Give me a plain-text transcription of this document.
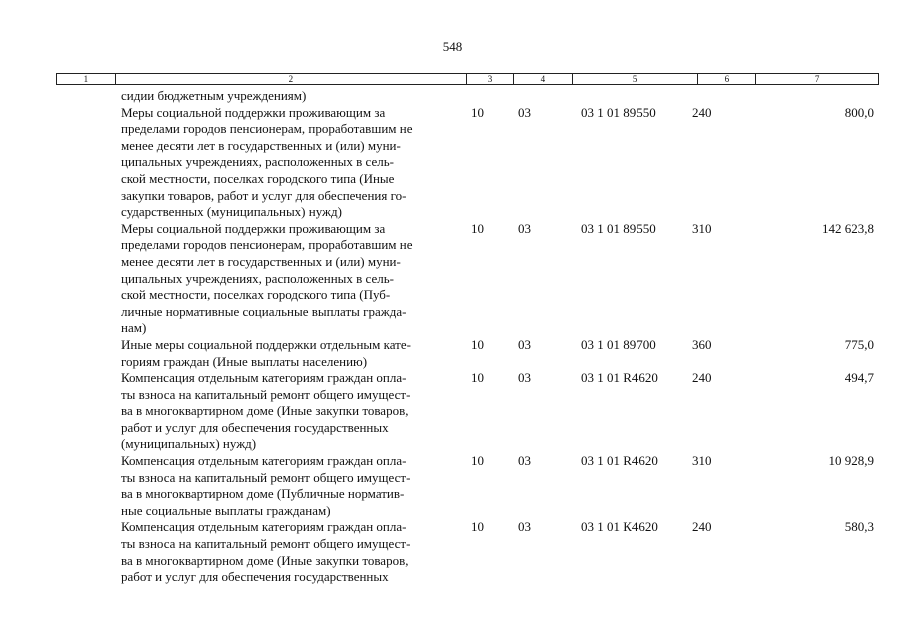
548
1	2	3	4	5	6	7
сидии бюджетным учреждениям)
Меры социальной поддержки проживающим за
пределами городов пенсионерам, проработавшим не
менее десяти лет в государственных и (или) муни-
ципальных учреждениях, расположенных в сель-
ской местности, поселках городского типа (Иные
закупки товаров, работ и услуг для обеспечения го-
сударственных (муниципальных) нужд)
10	03	03 1 01 89550	240	800,0
Меры социальной поддержки проживающим за
пределами городов пенсионерам, проработавшим не
менее десяти лет в государственных и (или) муни-
ципальных учреждениях, расположенных в сель-
ской местности, поселках городского типа (Пуб-
личные нормативные социальные выплаты гражда-
нам)
10	03	03 1 01 89550	310	142 623,8
Иные меры социальной поддержки отдельным кате-
гориям граждан (Иные выплаты населению)
10	03	03 1 01 89700	360	775,0
Компенсация отдельным категориям граждан опла-
ты взноса на капитальный ремонт общего имущест-
ва в многоквартирном доме (Иные закупки товаров,
работ и услуг для обеспечения государственных
(муниципальных) нужд)
10	03	03 1 01 R4620	240	494,7
Компенсация отдельным категориям граждан опла-
ты взноса на капитальный ремонт общего имущест-
ва в многоквартирном доме (Публичные норматив-
ные социальные выплаты гражданам)
10	03	03 1 01 R4620	310	10 928,9
Компенсация отдельным категориям граждан опла-
ты взноса на капитальный ремонт общего имущест-
ва в многоквартирном доме (Иные закупки товаров,
работ и услуг для обеспечения государственных
10	03	03 1 01 К4620	240	580,3
